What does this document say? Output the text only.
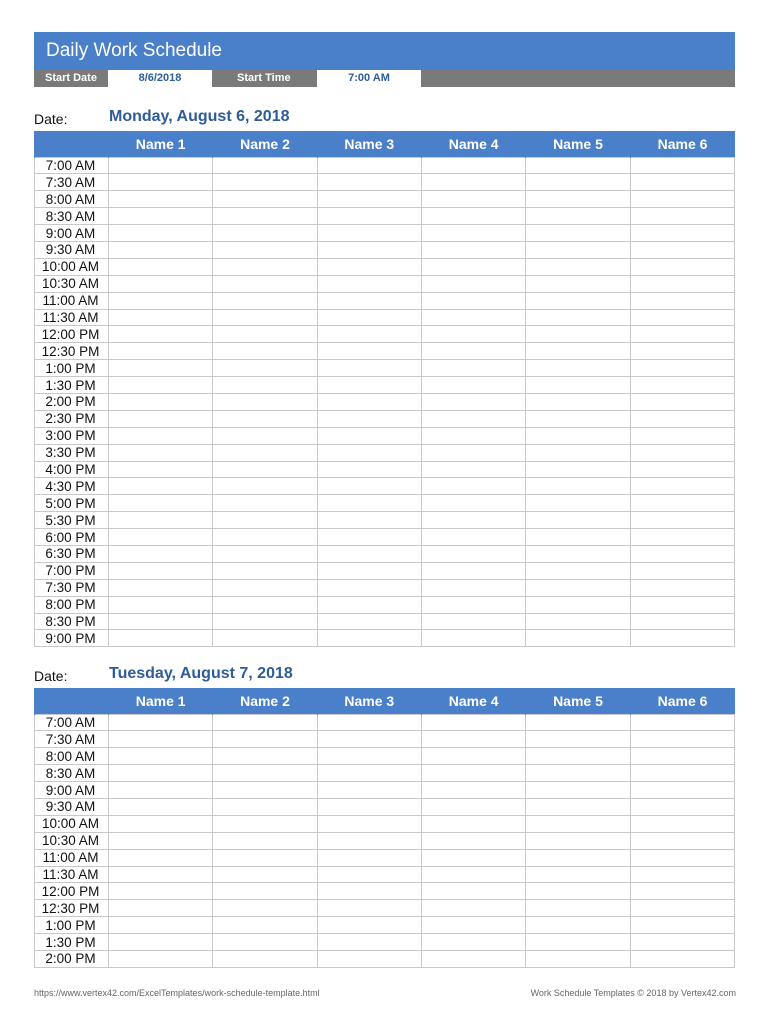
Daily Work Schedule
Start Date	8/6/2018	Start Time	7:00 AM
Date:	Monday, August 6, 2018
	Name 1	Name 2	Name 3	Name 4	Name 5	Name 6
7:00 AM						
7:30 AM						
8:00 AM						
8:30 AM						
9:00 AM						
9:30 AM						
10:00 AM						
10:30 AM						
11:00 AM						
11:30 AM						
12:00 PM						
12:30 PM						
1:00 PM						
1:30 PM						
2:00 PM						
2:30 PM						
3:00 PM						
3:30 PM						
4:00 PM						
4:30 PM						
5:00 PM						
5:30 PM						
6:00 PM						
6:30 PM						
7:00 PM						
7:30 PM						
8:00 PM						
8:30 PM						
9:00 PM						
Date:	Tuesday, August 7, 2018
	Name 1	Name 2	Name 3	Name 4	Name 5	Name 6
7:00 AM						
7:30 AM						
8:00 AM						
8:30 AM						
9:00 AM						
9:30 AM						
10:00 AM						
10:30 AM						
11:00 AM						
11:30 AM						
12:00 PM						
12:30 PM						
1:00 PM						
1:30 PM						
2:00 PM						
https://www.vertex42.com/ExcelTemplates/work-schedule-template.html	Work Schedule Templates © 2018 by Vertex42.com
